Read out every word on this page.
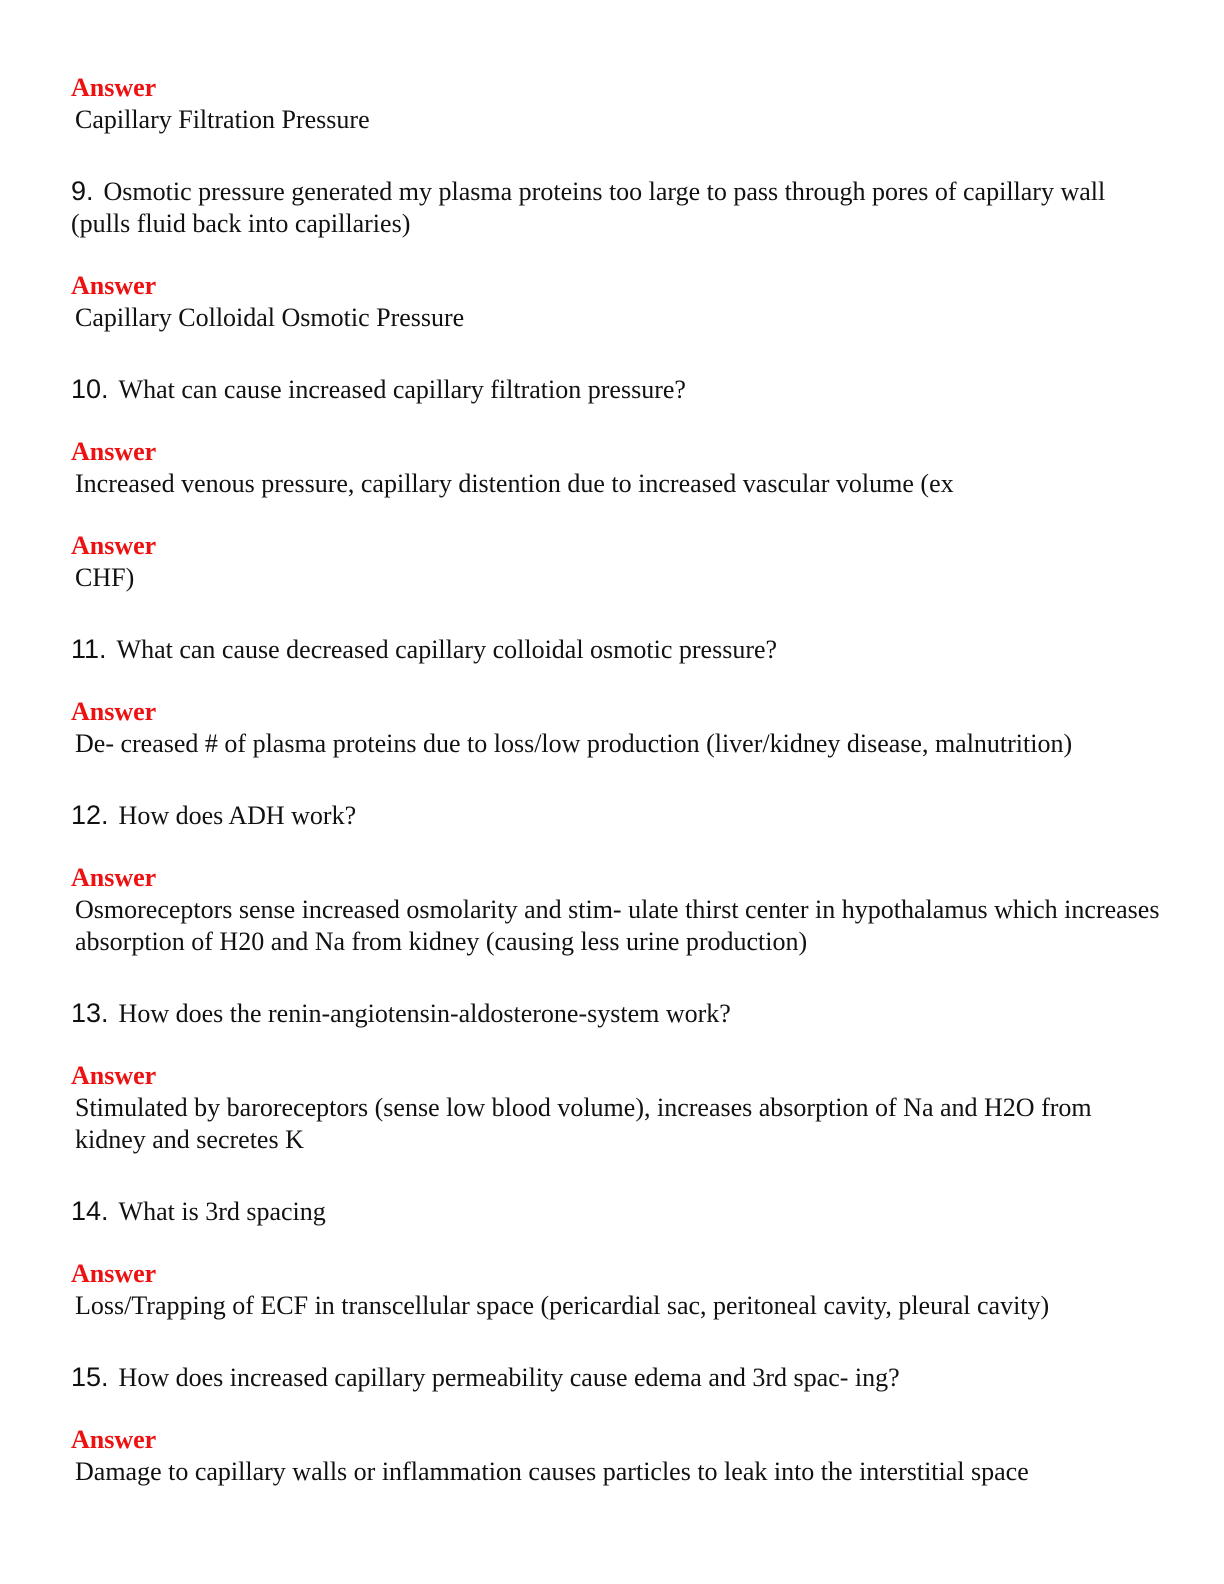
Answer
Capillary Filtration Pressure
9. Osmotic pressure generated my plasma proteins too large to pass through pores of capillary wall (pulls fluid back into capillaries)
Answer
Capillary Colloidal Osmotic Pressure
10. What can cause increased capillary filtration pressure?
Answer
Increased venous pressure, capillary distention due to increased vascular volume (ex
Answer
CHF)
11. What can cause decreased capillary colloidal osmotic pressure?
Answer
De- creased # of plasma proteins due to loss/low production (liver/kidney disease, malnutrition)
12. How does ADH work?
Answer
Osmoreceptors sense increased osmolarity and stim- ulate thirst center in hypothalamus which increases absorption of H20 and Na from kidney (causing less urine production)
13. How does the renin-angiotensin-aldosterone-system work?
Answer
Stimulated by baroreceptors (sense low blood volume), increases absorption of Na and H2O from kidney and secretes K
14. What is 3rd spacing
Answer
Loss/Trapping of ECF in transcellular space (pericardial sac, peritoneal cavity, pleural cavity)
15. How does increased capillary permeability cause edema and 3rd spac- ing?
Answer
Damage to capillary walls or inflammation causes particles to leak into the interstitial space
